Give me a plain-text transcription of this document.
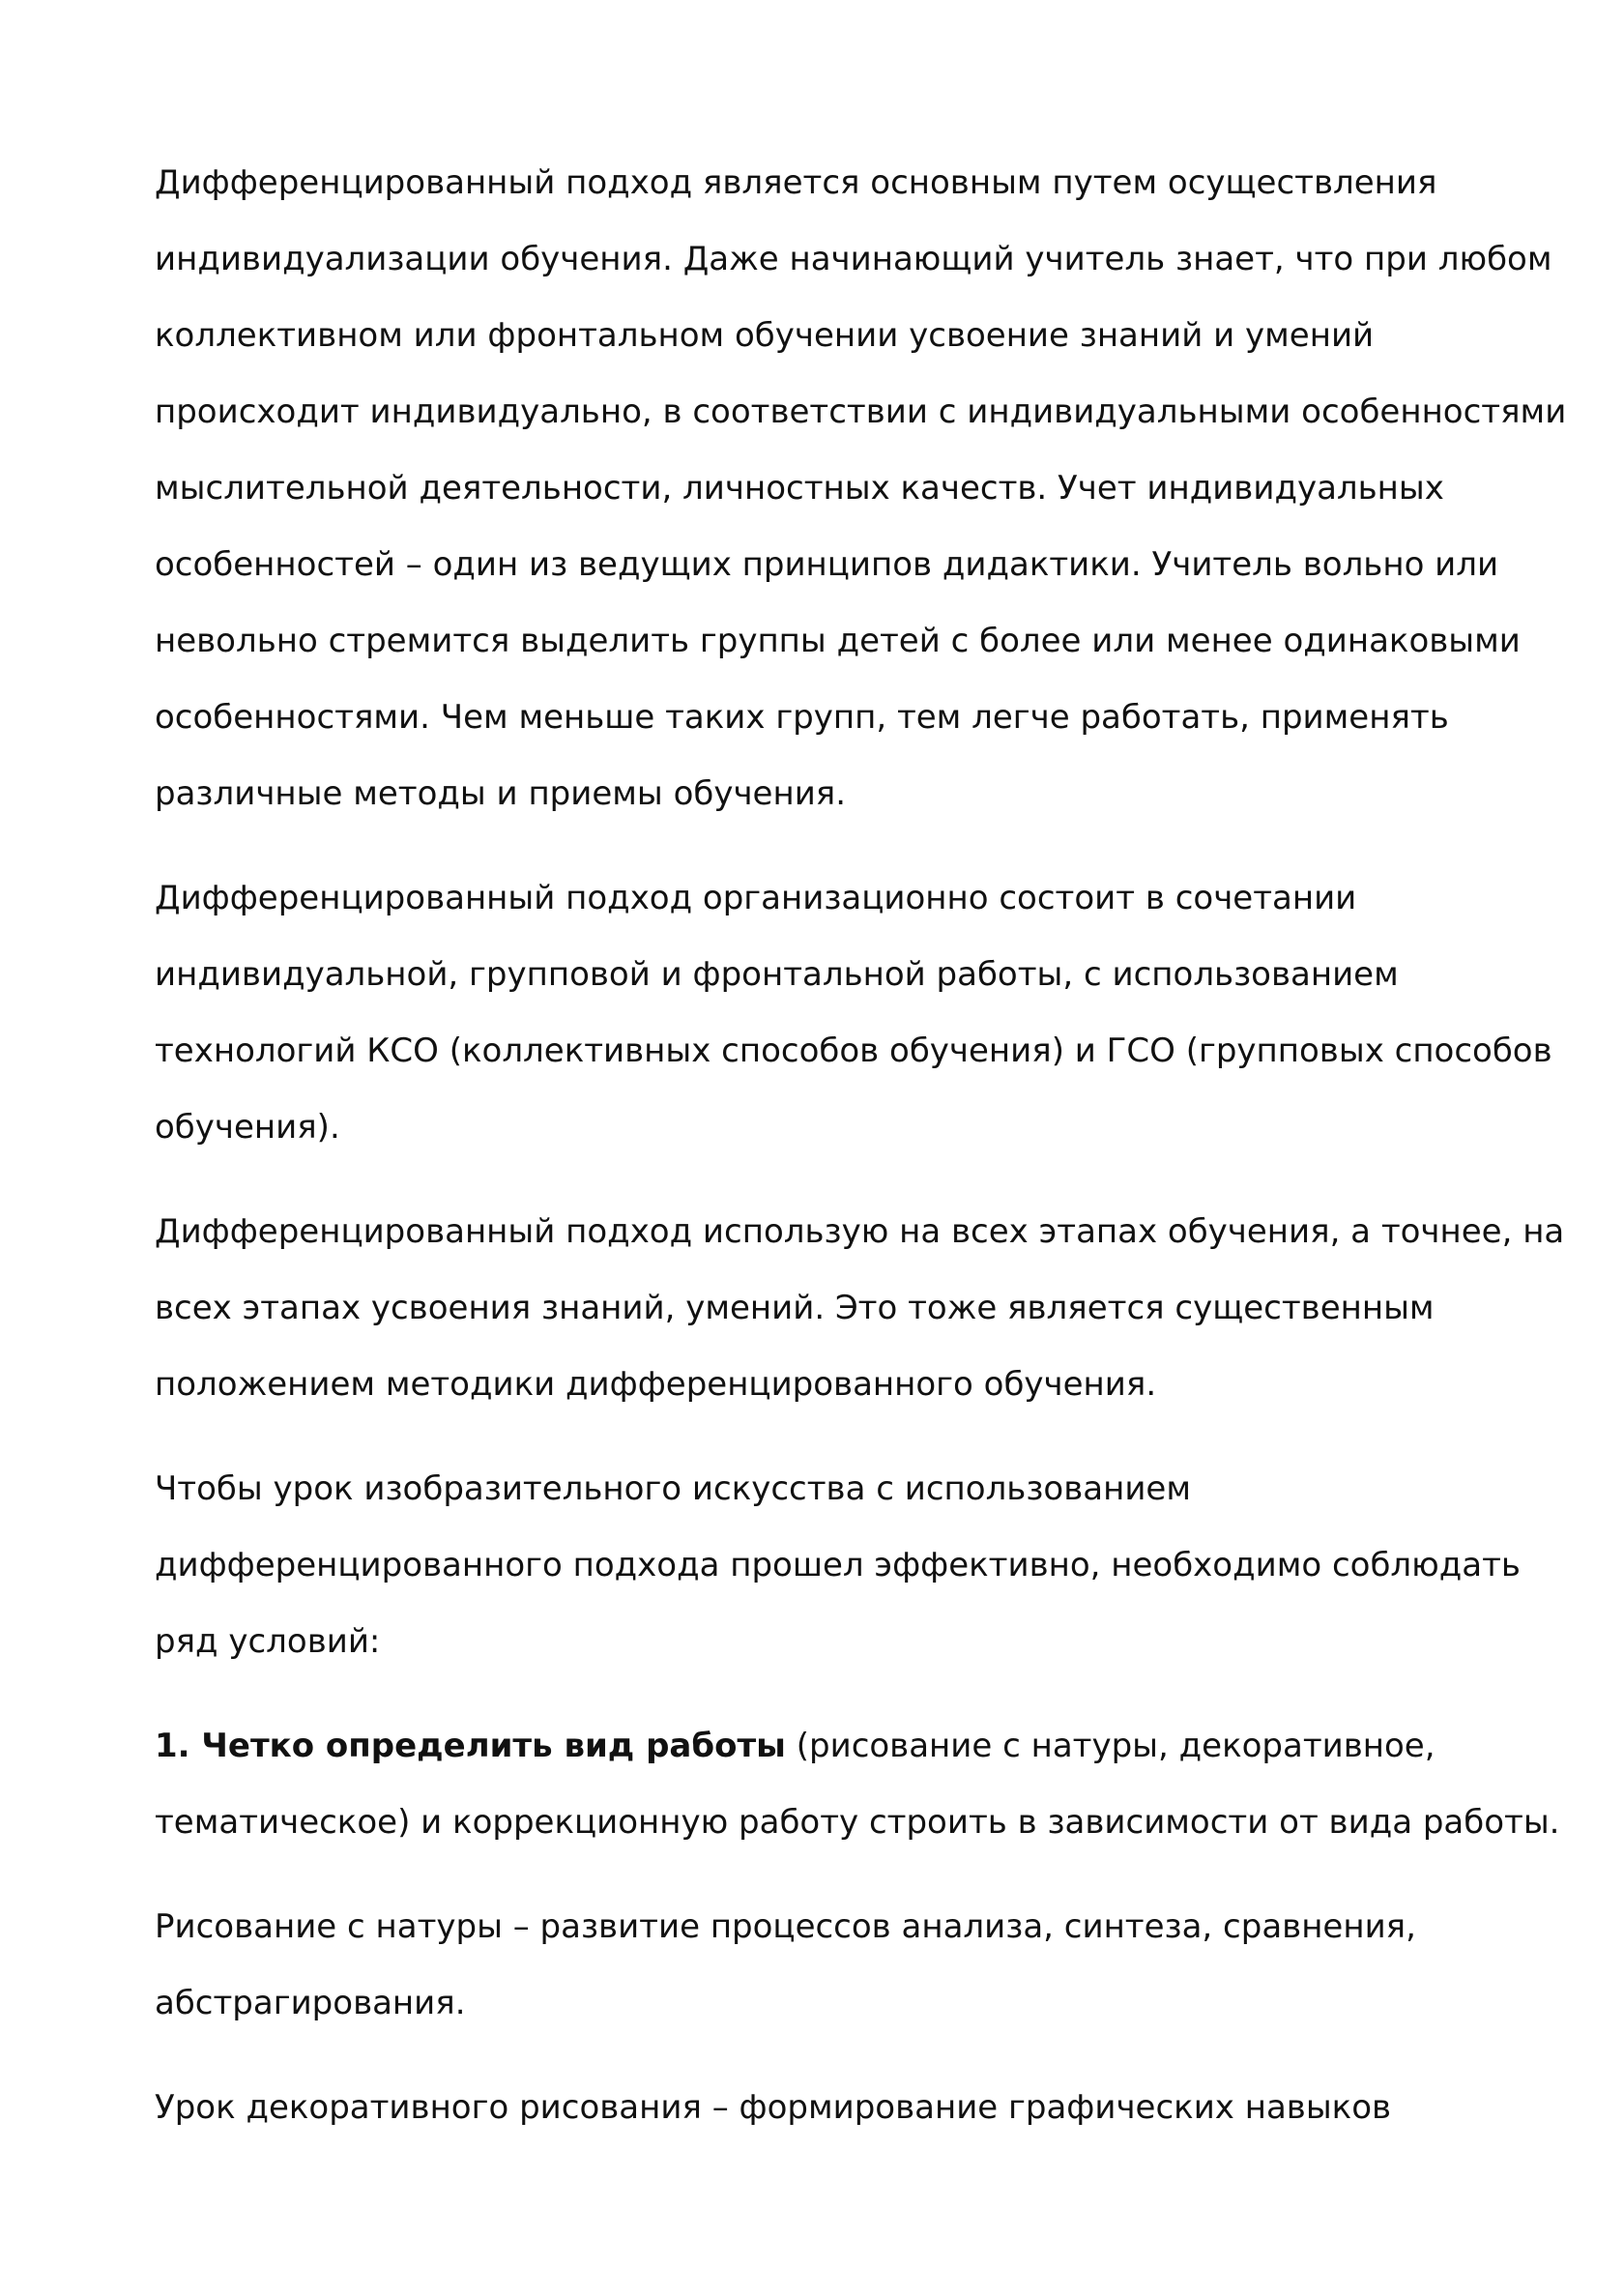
Дифференцированный подход является основным путем осуществления
индивидуализации обучения. Даже начинающий учитель знает, что при любом
коллективном или фронтальном обучении усвоение знаний и умений
происходит индивидуально, в соответствии с индивидуальными особенностями
мыслительной деятельности, личностных качеств. Учет индивидуальных
особенностей – один из ведущих принципов дидактики. Учитель вольно или
невольно стремится выделить группы детей с более или менее одинаковыми
особенностями. Чем меньше таких групп, тем легче работать, применять
различные методы и приемы обучения.

Дифференцированный подход организационно состоит в сочетании
индивидуальной, групповой и фронтальной работы, с использованием
технологий КСО (коллективных способов обучения) и ГСО (групповых способов
обучения).

Дифференцированный подход использую на всех этапах обучения, а точнее, на
всех этапах усвоения знаний, умений. Это тоже является существенным
положением методики дифференцированного обучения.

Чтобы урок изобразительного искусства с использованием
дифференцированного подхода прошел эффективно, необходимо соблюдать
ряд условий:

1. Четко определить вид работы (рисование с натуры, декоративное,
тематическое) и коррекционную работу строить в зависимости от вида работы.

Рисование с натуры – развитие процессов анализа, синтеза, сравнения,
абстрагирования.

Урок декоративного рисования – формирование графических навыков
